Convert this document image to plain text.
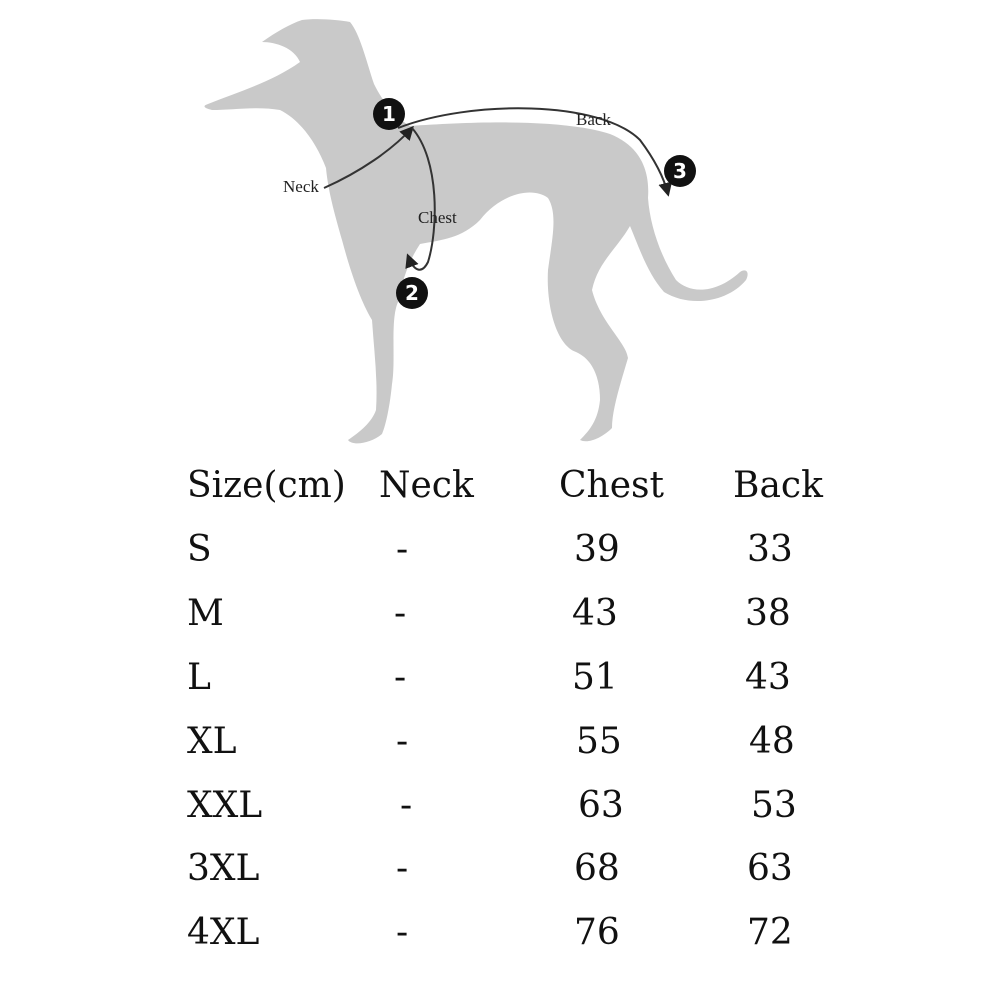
Neck
Chest
Back
1
2
3
Size(cm) Neck Chest Back
S	-	39	33
M	-	43	38
L	-	51	43
XL	-	55	48
XXL	-	63	53
3XL	-	68	63
4XL	-	76	72
